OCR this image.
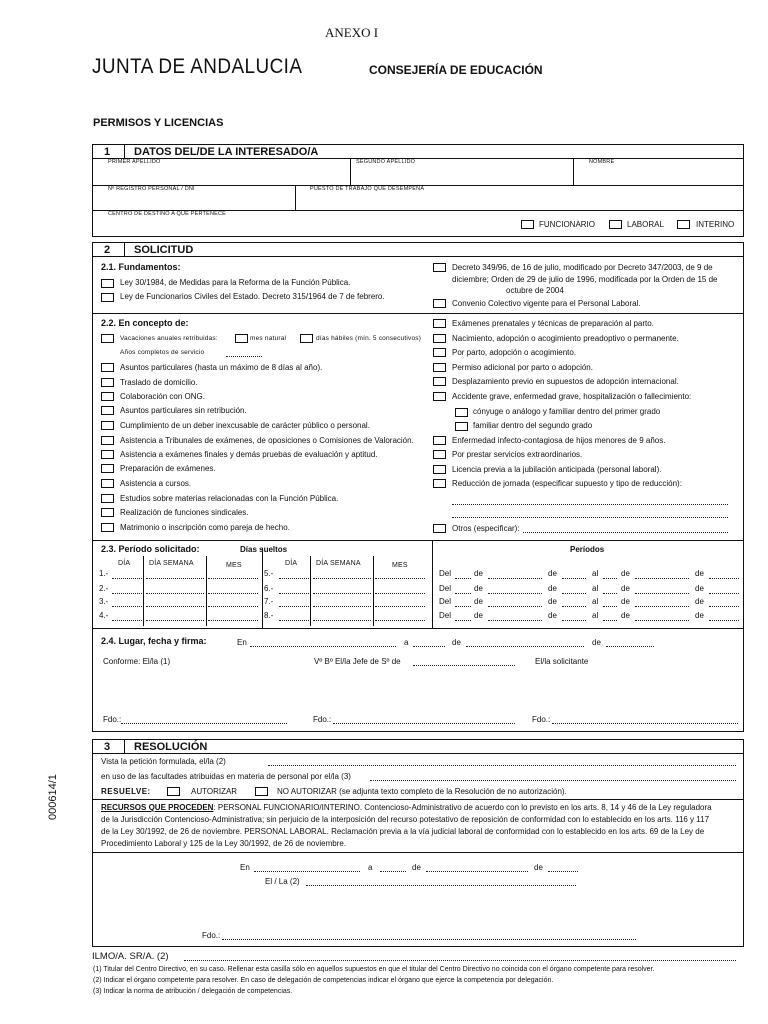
ANEXO I
JUNTA DE ANDALUCIA	CONSEJERÍA DE EDUCACIÓN
PERMISOS Y LICENCIAS
000614/1
1 DATOS DEL/DE LA INTERESADO/A
PRIMER APELLIDO	SEGUNDO APELLIDO	NOMBRE
Nº REGISTRO PERSONAL / DNI	PUESTO DE TRABAJO QUE DESEMPEÑA
CENTRO DE DESTINO A QUE PERTENECE
FUNCIONARIO	LABORAL	INTERINO
2 SOLICITUD
2.1. Fundamentos:
Ley 30/1984, de Medidas para la Reforma de la Función Pública.
Ley de Funcionarios Civiles del Estado. Decreto 315/1964 de 7 de febrero.
Decreto 349/96, de 16 de julio, modificado por Decreto 347/2003, de 9 de
diciembre; Orden de 29 de julio de 1996, modificada por la Orden de 15 de
octubre de 2004
Convenio Colectivo vigente para el Personal Laboral.
2.2. En concepto de:
Vacaciones anuales retribuidas:	mes natural	días hábiles (mín. 5 consecutivos)
Años completos de servicio
Asuntos particulares (hasta un máximo de 8 días al año).
Traslado de domicilio.
Colaboración con ONG.
Asuntos particulares sin retribución.
Cumplimiento de un deber inexcusable de carácter público o personal.
Asistencia a Tribunales de exámenes, de oposiciones o Comisiones de Valoración.
Asistencia a exámenes finales y demás pruebas de evaluación y aptitud.
Preparación de exámenes.
Asistencia a cursos.
Estudios sobre materias relacionadas con la Función Pública.
Realización de funciones sindicales.
Matrimonio o inscripción como pareja de hecho.
Exámenes prenatales y técnicas de preparación al parto.
Nacimiento, adopción o acogimiento preadoptivo o permanente.
Por parto, adopción o acogimiento.
Permiso adicional por parto o adopción.
Desplazamiento previo en supuestos de adopción internacional.
Accidente grave, enfermedad grave, hospitalización o fallecimiento:
Enfermedad infecto-contagiosa de hijos menores de 9 años.
Por prestar servicios extraordinarios.
Licencia previa a la jubilación anticipada (personal laboral).
Reducción de jornada (especificar supuesto y tipo de reducción):
cónyuge o análogo y familiar dentro del primer grado
familiar dentro del segundo grado
Otros (especificar):
2.3. Período solicitado:	Días sueltos	Períodos
DÍA	DÍA SEMANA	MES
1.-
2.-
3.-
4.-
DÍA	DÍA SEMANA	MES
5.-
6.-
7.-
8.-
Del	de	de	al	de	de
Del	de	de	al	de	de
Del	de	de	al	de	de
Del	de	de	al	de	de
2.4. Lugar, fecha y firma:	En	a	de	de
Conforme: El/la (1)	Vº Bº El/la Jefe de Sº de	El/la solicitante
Fdo.:	Fdo.:	Fdo.:
3 RESOLUCIÓN
Vista la petición formulada, el/la (2)
en uso de las facultades atribuidas en materia de personal por el/la (3)
RESUELVE:	AUTORIZAR	NO AUTORIZAR (se adjunta texto completo de la Resolución de no autorización).
RECURSOS QUE PROCEDEN: PERSONAL FUNCIONARIO/INTERINO. Contencioso-Administrativo de acuerdo con lo previsto en los arts. 8, 14 y 46 de la Ley reguladora
de la Jurisdicción Contencioso-Administrativa; sin perjuicio de la interposición del recurso potestativo de reposición de conformidad con lo establecido en los arts. 116 y 117
de la Ley 30/1992, de 26 de noviembre. PERSONAL LABORAL. Reclamación previa a la vía judicial laboral de conformidad con lo establecido en los arts. 69 de la Ley de
Procedimiento Laboral y 125 de la Ley 30/1992, de 26 de noviembre.
En	a	de	de
El / La (2)
Fdo.:
ILMO/A. SR/A. (2)
(1) Titular del Centro Directivo, en su caso. Rellenar esta casilla sólo en aquellos supuestos en que el titular del Centro Directivo no coincida con el órgano competente para resolver.
(2) Indicar el órgano competente para resolver. En caso de delegación de competencias indicar el órgano que ejerce la competencia por delegación.
(3) Indicar la norma de atribución / delegación de competencias.
